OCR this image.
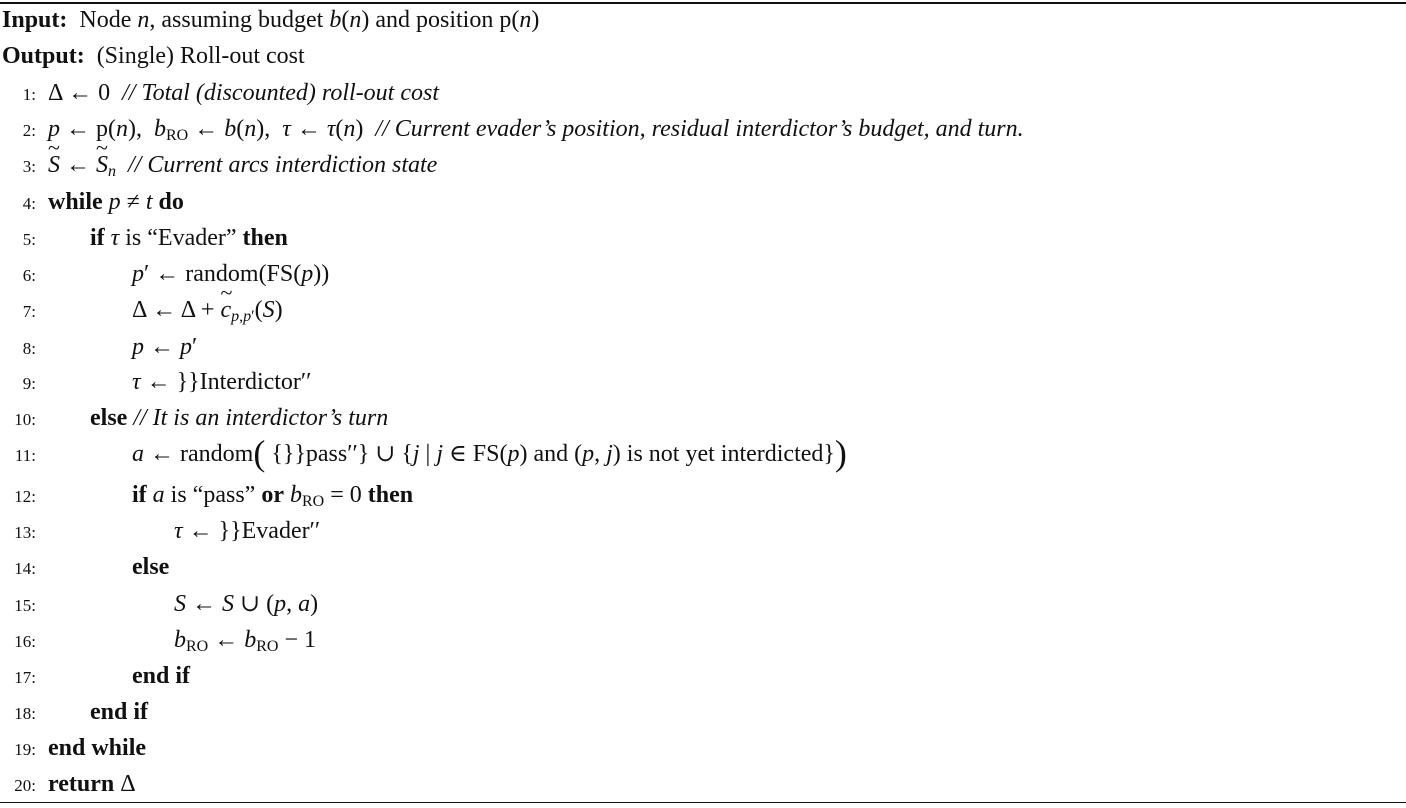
Input: Node n, assuming budget b(n) and position p(n)
Output: (Single) Roll-out cost
1: Δ ← 0  // Total (discounted) roll-out cost
2: p ← p(n),  $b_{RO}$ ← b(n),  τ ← τ(n)  // Current evader’s position, residual interdictor’s budget, and turn.
3:
~ S ← ~ $S_n$ // Current arcs interdiction state
4: while p ≠ t do
5: if τ is “Evader” then
6:	p′ ← random(FS(p))
7:	Δ ← Δ + ~ $c_{p,p'}(S)$
8:	p ← p′
9:	τ ← }}Interdictor′′
10: else // It is an interdictor’s turn
11:	a ← random( {}}pass′′} ∪ {j | j ∈ FS(p) and (p, j) is not yet interdicted})
12:	if a is “pass” or $b_{RO} = 0$ then
13:	τ ← }}Evader′′
14:	else
15:	S ← S ∪ (p, a)
16:	$b_{RO}$ ← $b_{RO} - 1$
17:	end if
18: end if
19: end while
20: return Δ
